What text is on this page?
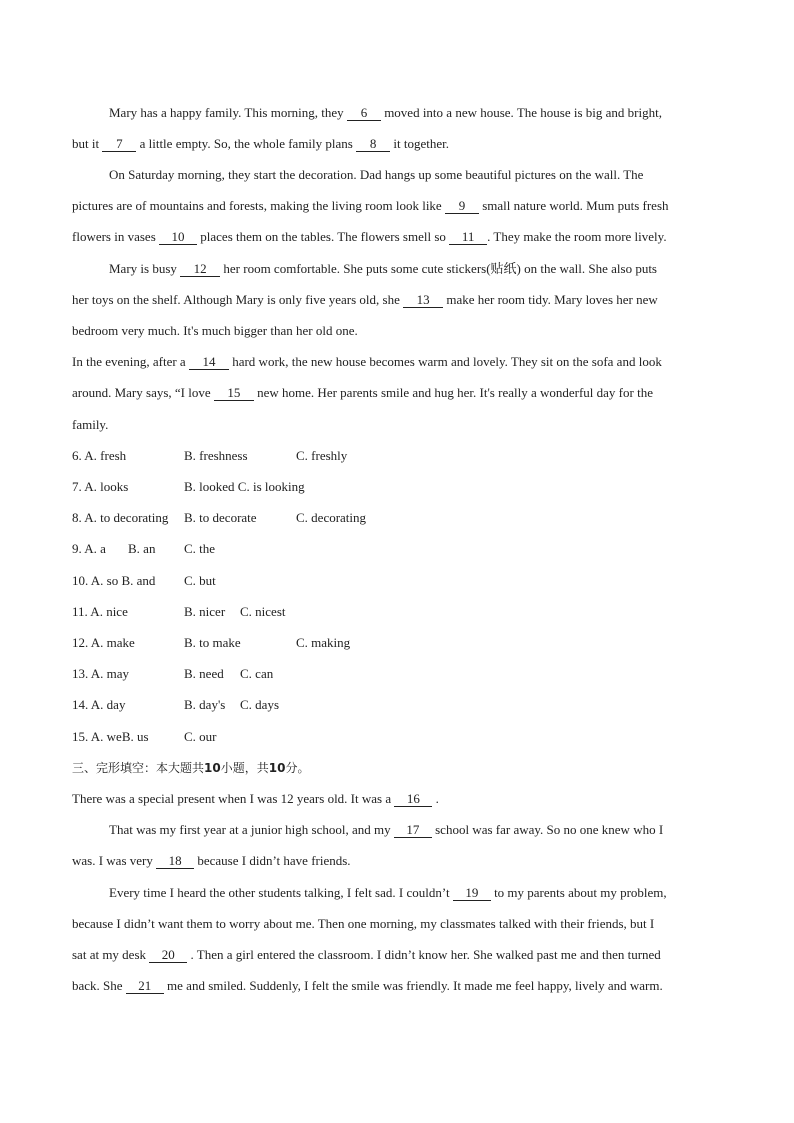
Mary has a happy family. This morning, they 6 moved into a new house. The house is big and bright,
but it 7 a little empty. So, the whole family plans 8 it together.
On Saturday morning, they start the decoration. Dad hangs up some beautiful pictures on the wall. The
pictures are of mountains and forests, making the living room look like 9 small nature world. Mum puts fresh
flowers in vases 10 places them on the tables. The flowers smell so 11 . They make the room more lively.
Mary is busy 12 her room comfortable. She puts some cute stickers(贴纸) on the wall. She also puts
her toys on the shelf. Although Mary is only five years old, she 13 make her room tidy. Mary loves her new
bedroom very much. It's much bigger than her old one.
In the evening, after a 14 hard work, the new house becomes warm and lovely. They sit on the sofa and look
around. Mary says, “I love 15 new home. Her parents smile and hug her. It's really a wonderful day for the
family.
6. A. fresh	B. freshness	C. freshly
7. A. looks	B. looked C. is looking
8. A. to decorating B. to decorate	C. decorating
9. A. a B. an C. the
10. A. so B. and C. but
11. A. nice	B. nicer C. nicest
12. A. make	B. to make	C. making
13. A. may	B. need C. can
14. A. day	B. day's C. days
15. A. weB. us	C. our
三、完形填空：本大题共10小题，共10分。
There was a special present when I was 12 years old. It was a 16 .
That was my first year at a junior high school, and my 17 school was far away. So no one knew who I
was. I was very 18 because I didn’t have friends.
Every time I heard the other students talking, I felt sad. I couldn’t 19 to my parents about my problem,
because I didn’t want them to worry about me. Then one morning, my classmates talked with their friends, but I
sat at my desk 20 . Then a girl entered the classroom. I didn’t know her. She walked past me and then turned
back. She 21 me and smiled. Suddenly, I felt the smile was friendly. It made me feel happy, lively and warm.
